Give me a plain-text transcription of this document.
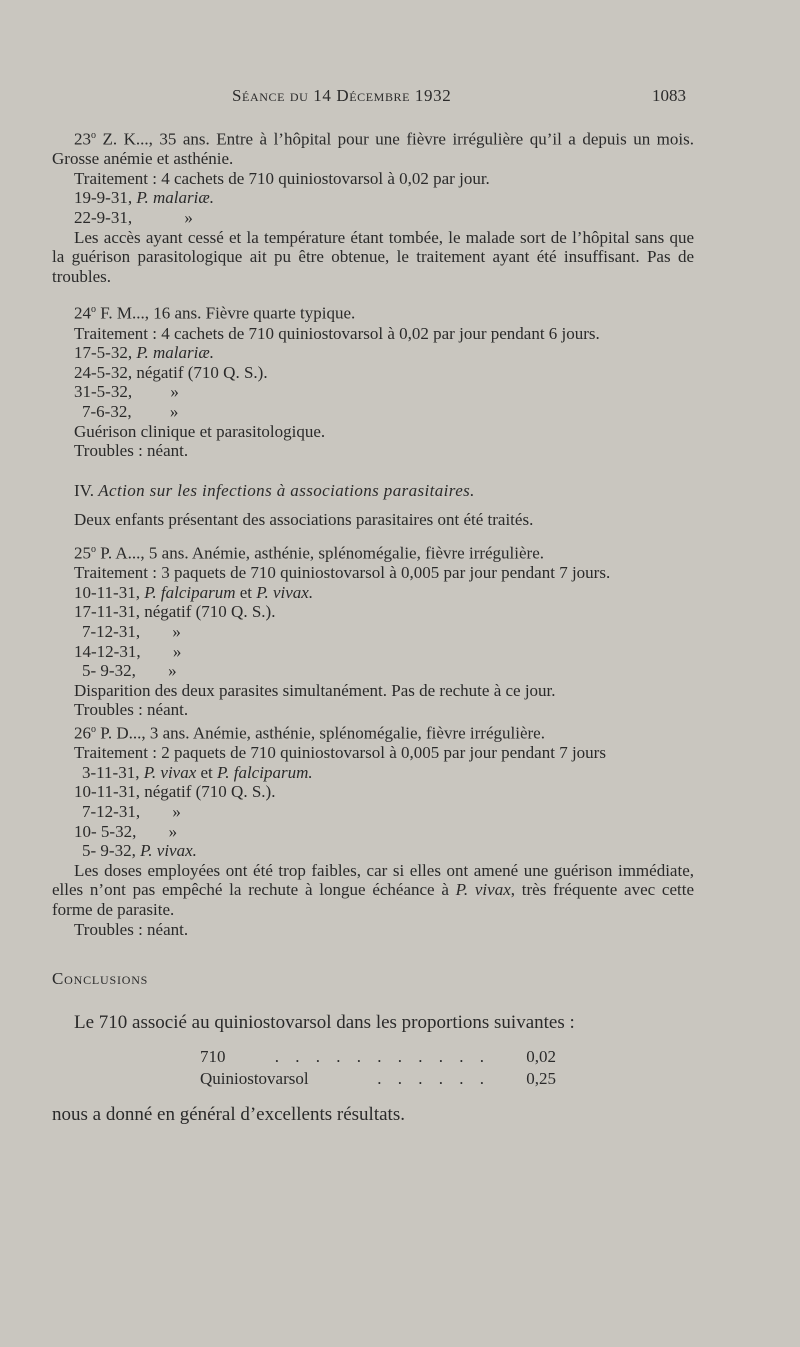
Séance du 14 Décembre 1932	1083

23$^o$ Z. K..., 35 ans. Entre à l’hôpital pour une fièvre irrégulière qu’il a depuis un mois. Grosse anémie et asthénie.

Traitement : 4 cachets de 710 quiniostovarsol à 0,02 par jour.

19-9-31, P. malariæ.

22-9-31,	»

Les accès ayant cessé et la température étant tombée, le malade sort de l’hôpital sans que la guérison parasitologique ait pu être obtenue, le traitement ayant été insuffisant. Pas de troubles.

24$^o$ F. M..., 16 ans. Fièvre quarte typique.

Traitement : 4 cachets de 710 quiniostovarsol à 0,02 par jour pendant 6 jours.

17-5-32, P. malariæ.

24-5-32, négatif (710 Q. S.).

31-5-32, »

7-6-32, »

Guérison clinique et parasitologique.

Troubles : néant.

IV. Action sur les infections à associations parasitaires.

Deux enfants présentant des associations parasitaires ont été traités.

25$^o$ P. A..., 5 ans. Anémie, asthénie, splénomégalie, fièvre irrégulière.

Traitement : 3 paquets de 710 quiniostovarsol à 0,005 par jour pendant 7 jours.

10-11-31, P. falciparum et P. vivax.

17-11-31, négatif (710 Q. S.).

7-12-31, »

14-12-31, »

5- 9-32, »

Disparition des deux parasites simultanément. Pas de rechute à ce jour.

Troubles : néant.

26$^o$ P. D..., 3 ans. Anémie, asthénie, splénomégalie, fièvre irrégulière.

Traitement : 2 paquets de 710 quiniostovarsol à 0,005 par jour pendant 7 jours

3-11-31, P. vivax et P. falciparum.

10-11-31, négatif (710 Q. S.).

7-12-31, »

10- 5-32, »

5- 9-32, P. vivax.

Les doses employées ont été trop faibles, car si elles ont amené une guérison immédiate, elles n’ont pas empêché la rechute à longue échéance à P. vivax, très fréquente avec cette forme de parasite.

Troubles : néant.

Conclusions

Le 710 associé au quiniostovarsol dans les proportions suivantes :

710	. . . . . . . . . . . 0,02
Quiniostovarsol	. . . . . . 0,25

nous a donné en général d’excellents résultats.
